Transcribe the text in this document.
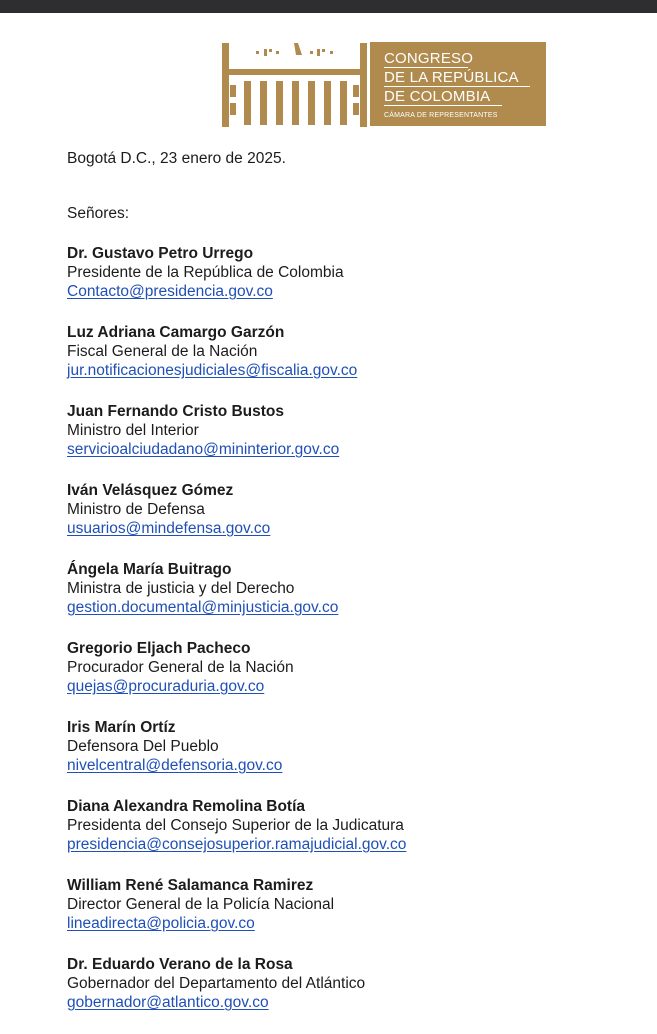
CONGRESO
DE LA REPÚBLICA
DE COLOMBIA
CÁMARA DE REPRESENTANTES
Bogotá D.C., 23 enero de 2025.
Señores:
Dr. Gustavo Petro Urrego
Presidente de la República de Colombia
Contacto@presidencia.gov.co
Luz Adriana Camargo Garzón
Fiscal General de la Nación
jur.notificacionesjudiciales@fiscalia.gov.co
Juan Fernando Cristo Bustos
Ministro del Interior
servicioalciudadano@mininterior.gov.co
Iván Velásquez Gómez
Ministro de Defensa
usuarios@mindefensa.gov.co
Ángela María Buitrago
Ministra de justicia y del Derecho
gestion.documental@minjusticia.gov.co
Gregorio Eljach Pacheco
Procurador General de la Nación
quejas@procuraduria.gov.co
Iris Marín Ortíz
Defensora Del Pueblo
nivelcentral@defensoria.gov.co
Diana Alexandra Remolina Botía
Presidenta del Consejo Superior de la Judicatura
presidencia@consejosuperior.ramajudicial.gov.co
William René Salamanca Ramirez
Director General de la Policía Nacional
lineadirecta@policia.gov.co
Dr. Eduardo Verano de la Rosa
Gobernador del Departamento del Atlántico
gobernador@atlantico.gov.co
